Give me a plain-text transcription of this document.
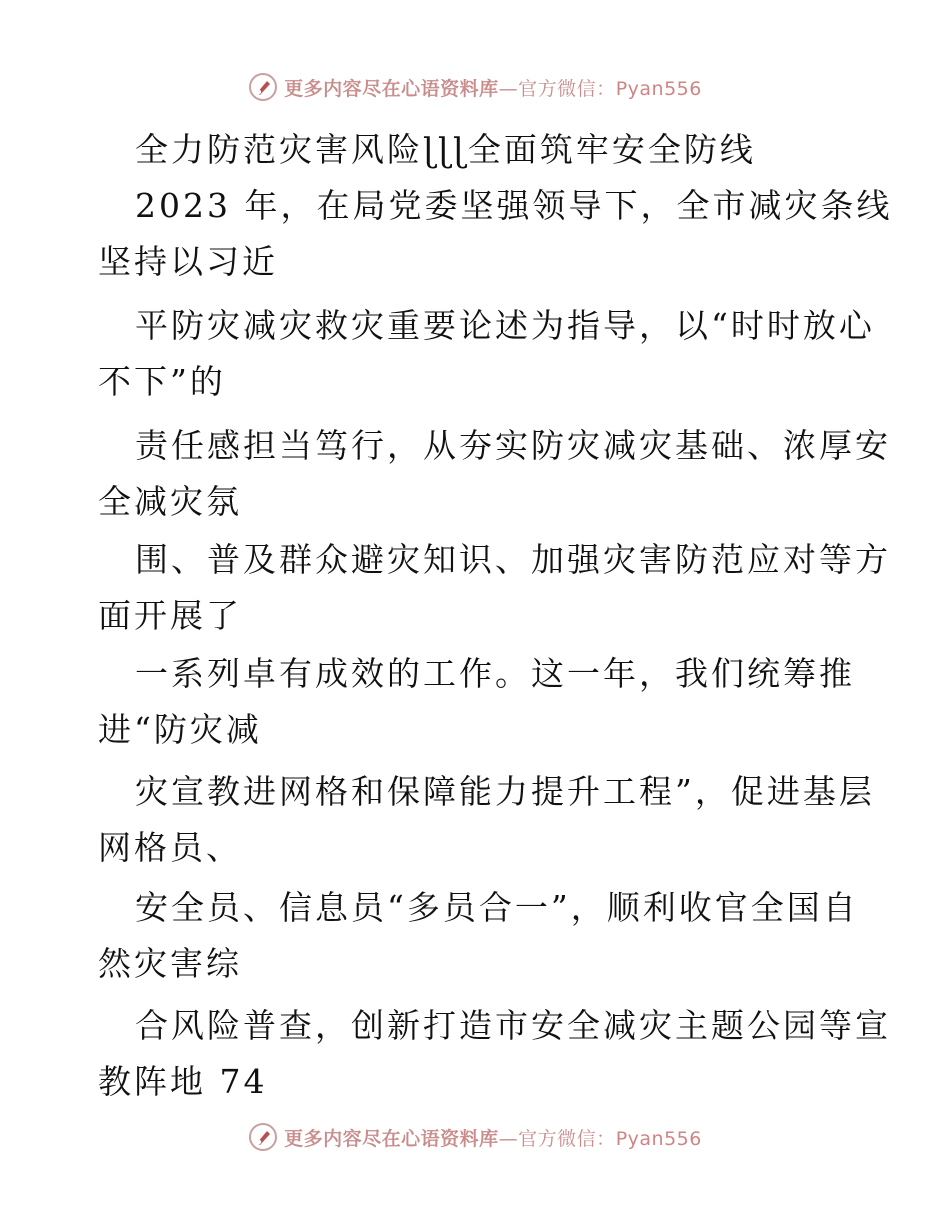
更多内容尽在心语资料库—官方微信：Pyan556
全力防范灾害风险ɭɭɭ全面筑牢安全防线
2023 年，在局党委坚强领导下，全市减灾条线
坚持以习近
平防灾减灾救灾重要论述为指导，以“时时放心
不下”的
责任感担当笃行，从夯实防灾减灾基础、浓厚安
全减灾氛
围、普及群众避灾知识、加强灾害防范应对等方
面开展了
一系列卓有成效的工作。这一年，我们统筹推
进“防灾减
灾宣教进网格和保障能力提升工程”，促进基层
网格员、
安全员、信息员“多员合一”，顺利收官全国自
然灾害综
合风险普查，创新打造市安全减灾主题公园等宣
教阵地 74
更多内容尽在心语资料库—官方微信：Pyan556
